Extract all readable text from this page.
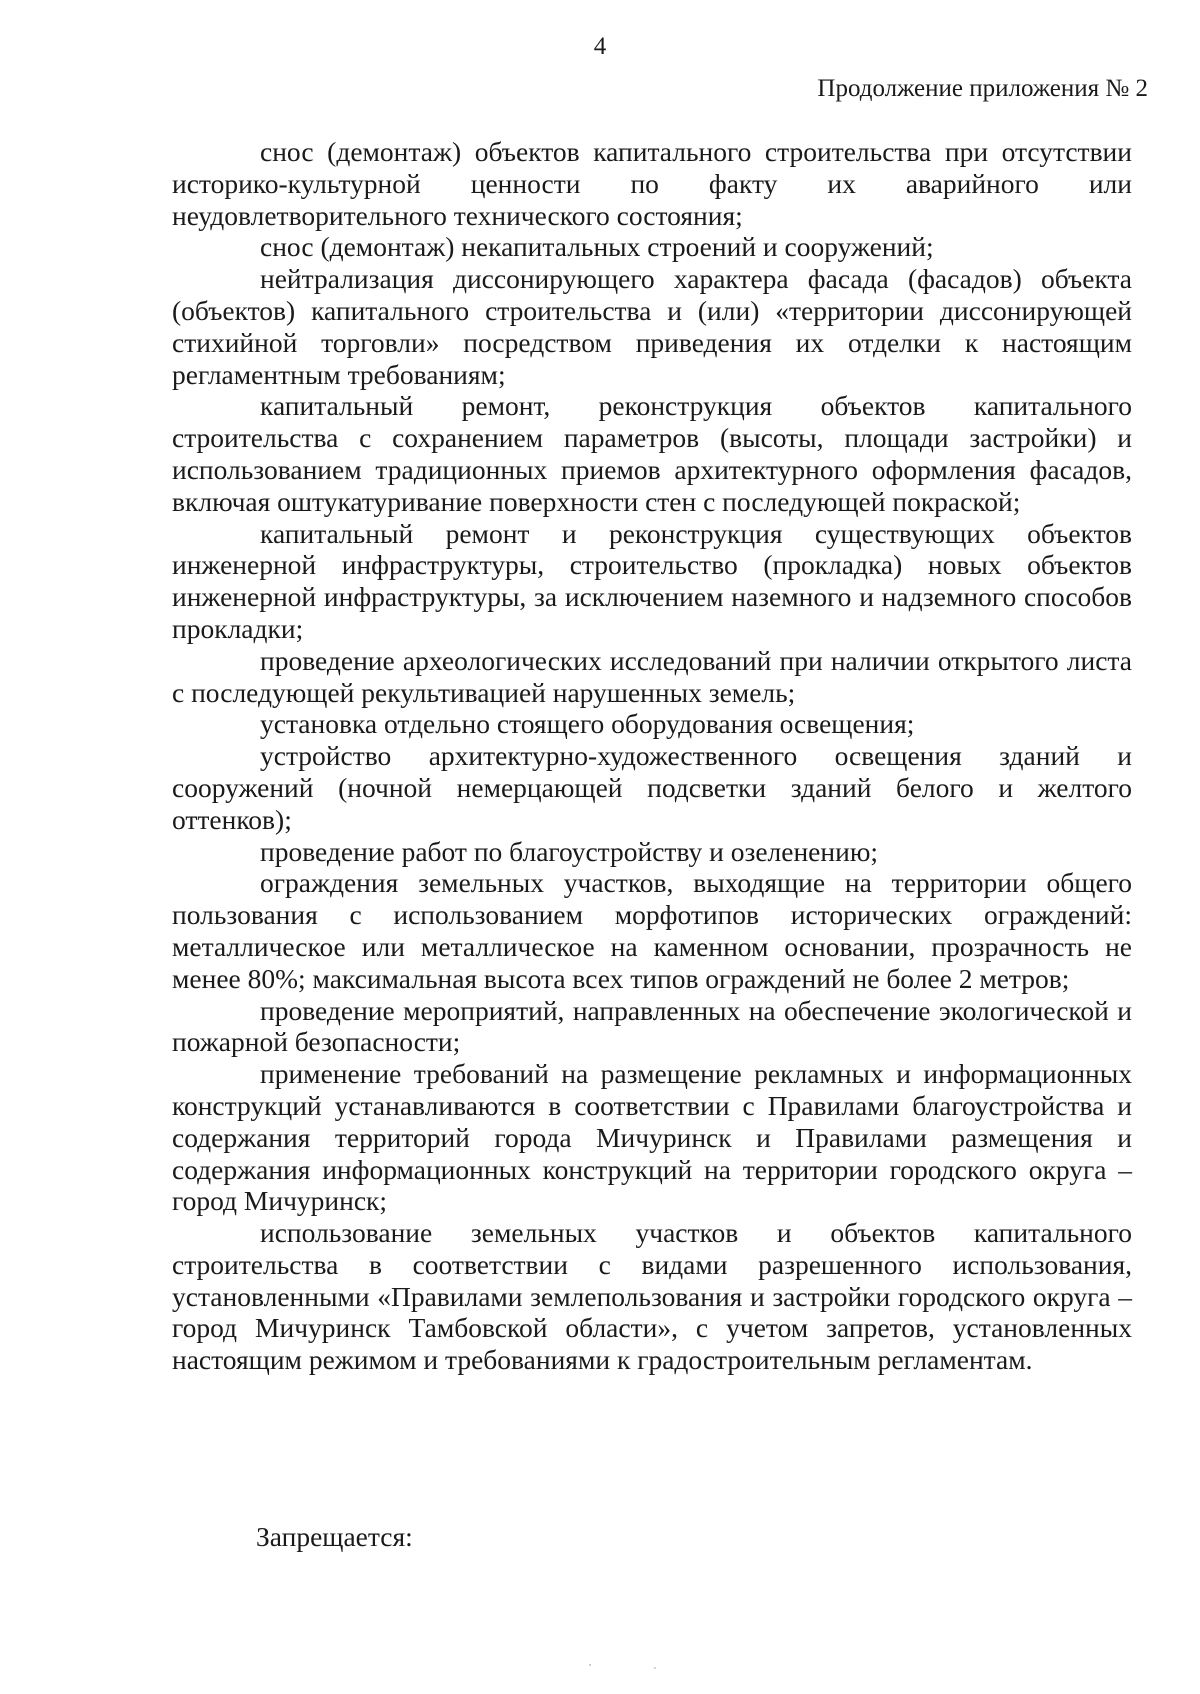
4
Продолжение приложения № 2

снос (демонтаж) объектов капитального строительства при отсутствии историко-культурной ценности по факту их аварийного или неудовлетворительного технического состояния;

снос (демонтаж) некапитальных строений и сооружений;

нейтрализация диссонирующего характера фасада (фасадов) объекта (объектов) капитального строительства и (или) «территории диссонирующей стихийной торговли» посредством приведения их отделки к настоящим регламентным требованиям;

капитальный ремонт, реконструкция объектов капитального строительства с сохранением параметров (высоты, площади застройки) и использованием традиционных приемов архитектурного оформления фасадов, включая оштукатуривание поверхности стен с последующей покраской;

капитальный ремонт и реконструкция существующих объектов инженерной инфраструктуры, строительство (прокладка) новых объектов инженерной инфраструктуры, за исключением наземного и надземного способов прокладки;

проведение археологических исследований при наличии открытого листа с последующей рекультивацией нарушенных земель;

установка отдельно стоящего оборудования освещения;

устройство архитектурно-художественного освещения зданий и сооружений (ночной немерцающей подсветки зданий белого и желтого оттенков);

проведение работ по благоустройству и озеленению;

ограждения земельных участков, выходящие на территории общего пользования с использованием морфотипов исторических ограждений: металлическое или металлическое на каменном основании, прозрачность не менее 80%; максимальная высота всех типов ограждений не более 2 метров;

проведение мероприятий, направленных на обеспечение экологической и пожарной безопасности;

применение требований на размещение рекламных и информационных конструкций устанавливаются в соответствии с Правилами благоустройства и содержания территорий города Мичуринск и Правилами размещения и содержания информационных конструкций на территории городского округа – город Мичуринск;

использование земельных участков и объектов капитального строительства в соответствии с видами разрешенного использования, установленными «Правилами землепользования и застройки городского округа – город Мичуринск Тамбовской области», с учетом запретов, установленных настоящим режимом и требованиями к градостроительным регламентам.

Запрещается:
